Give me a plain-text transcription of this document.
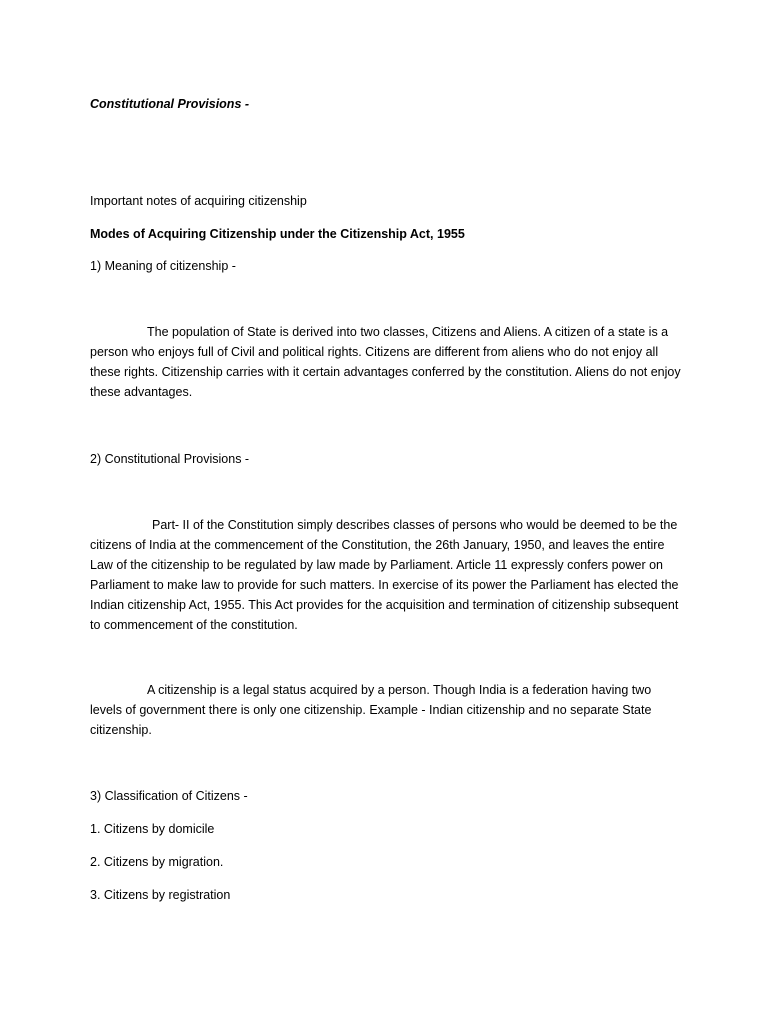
Constitutional Provisions -

Important notes of acquiring citizenship

Modes of Acquiring Citizenship under the Citizenship Act, 1955

1) Meaning of citizenship -

The population of State is derived into two classes, Citizens and Aliens. A citizen of a state is a person who enjoys full of Civil and political rights. Citizens are different from aliens who do not enjoy all these rights. Citizenship carries with it certain advantages conferred by the constitution. Aliens do not enjoy these advantages.

2) Constitutional Provisions -

Part- II of the Constitution simply describes classes of persons who would be deemed to be the citizens of India at the commencement of the Constitution, the 26th January, 1950, and leaves the entire Law of the citizenship to be regulated by law made by Parliament. Article 11 expressly confers power on Parliament to make law to provide for such matters. In exercise of its power the Parliament has elected the Indian citizenship Act, 1955. This Act provides for the acquisition and termination of citizenship subsequent to commencement of the constitution.

A citizenship is a legal status acquired by a person. Though India is a federation having two levels of government there is only one citizenship. Example - Indian citizenship and no separate State citizenship.

3) Classification of Citizens -

1. Citizens by domicile

2. Citizens by migration.

3. Citizens by registration
